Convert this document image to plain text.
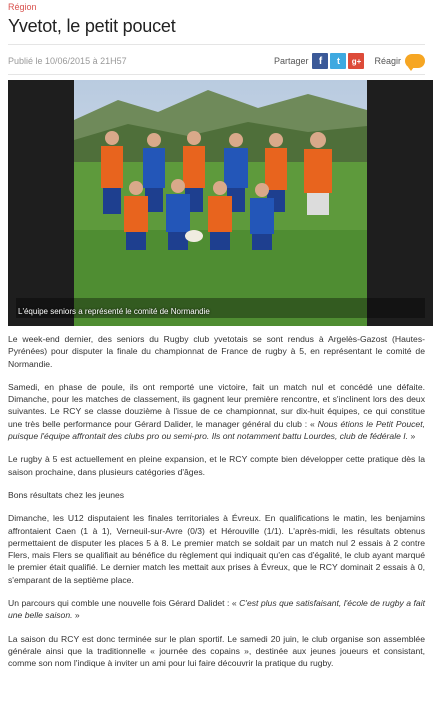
Région
Yvetot, le petit poucet
Publié le 10/06/2015 à 21H57	Partager	f	t	g+	Réagir
L'équipe seniors a représenté le comité de Normandie

Le week-end dernier, des seniors du Rugby club yvetotais se sont rendus à Argelès-Gazost (Hautes-Pyrénées) pour disputer la finale du championnat de France de rugby à 5, en représentant le comité de Normandie.

Samedi, en phase de poule, ils ont remporté une victoire, fait un match nul et concédé une défaite. Dimanche, pour les matches de classement, ils gagnent leur première rencontre, et s'inclinent lors des deux suivantes. Le RCY se classe douzième à l'issue de ce championnat, sur dix-huit équipes, ce qui constitue une très belle performance pour Gérard Dalider, le manager général du club : « Nous étions le Petit Poucet, puisque l'équipe affrontait des clubs pro ou semi-pro. Ils ont notamment battu Lourdes, club de fédérale I. »

Le rugby à 5 est actuellement en pleine expansion, et le RCY compte bien développer cette pratique dès la saison prochaine, dans plusieurs catégories d'âges.

Bons résultats chez les jeunes

Dimanche, les U12 disputaient les finales territoriales à Évreux. En qualifications le matin, les benjamins affrontaient Caen (1 à 1), Verneuil-sur-Avre (0/3) et Hérouville (1/1). L'après-midi, les résultats obtenus permettaient de disputer les places 5 à 8. Le premier match se soldait par un match nul 2 essais à 2 contre Flers, mais Flers se qualifiait au bénéfice du règlement qui indiquait qu'en cas d'égalité, le club ayant marqué le premier était qualifié. Le dernier match les mettait aux prises à Évreux, que le RCY dominait 2 essais à 0, s'emparant de la septième place.

Un parcours qui comble une nouvelle fois Gérard Dalidet : « C'est plus que satisfaisant, l'école de rugby a fait une belle saison. »

La saison du RCY est donc terminée sur le plan sportif. Le samedi 20 juin, le club organise son assemblée générale ainsi que la traditionnelle « journée des copains », destinée aux jeunes joueurs et consistant, comme son nom l'indique à inviter un ami pour lui faire découvrir la pratique du rugby.
